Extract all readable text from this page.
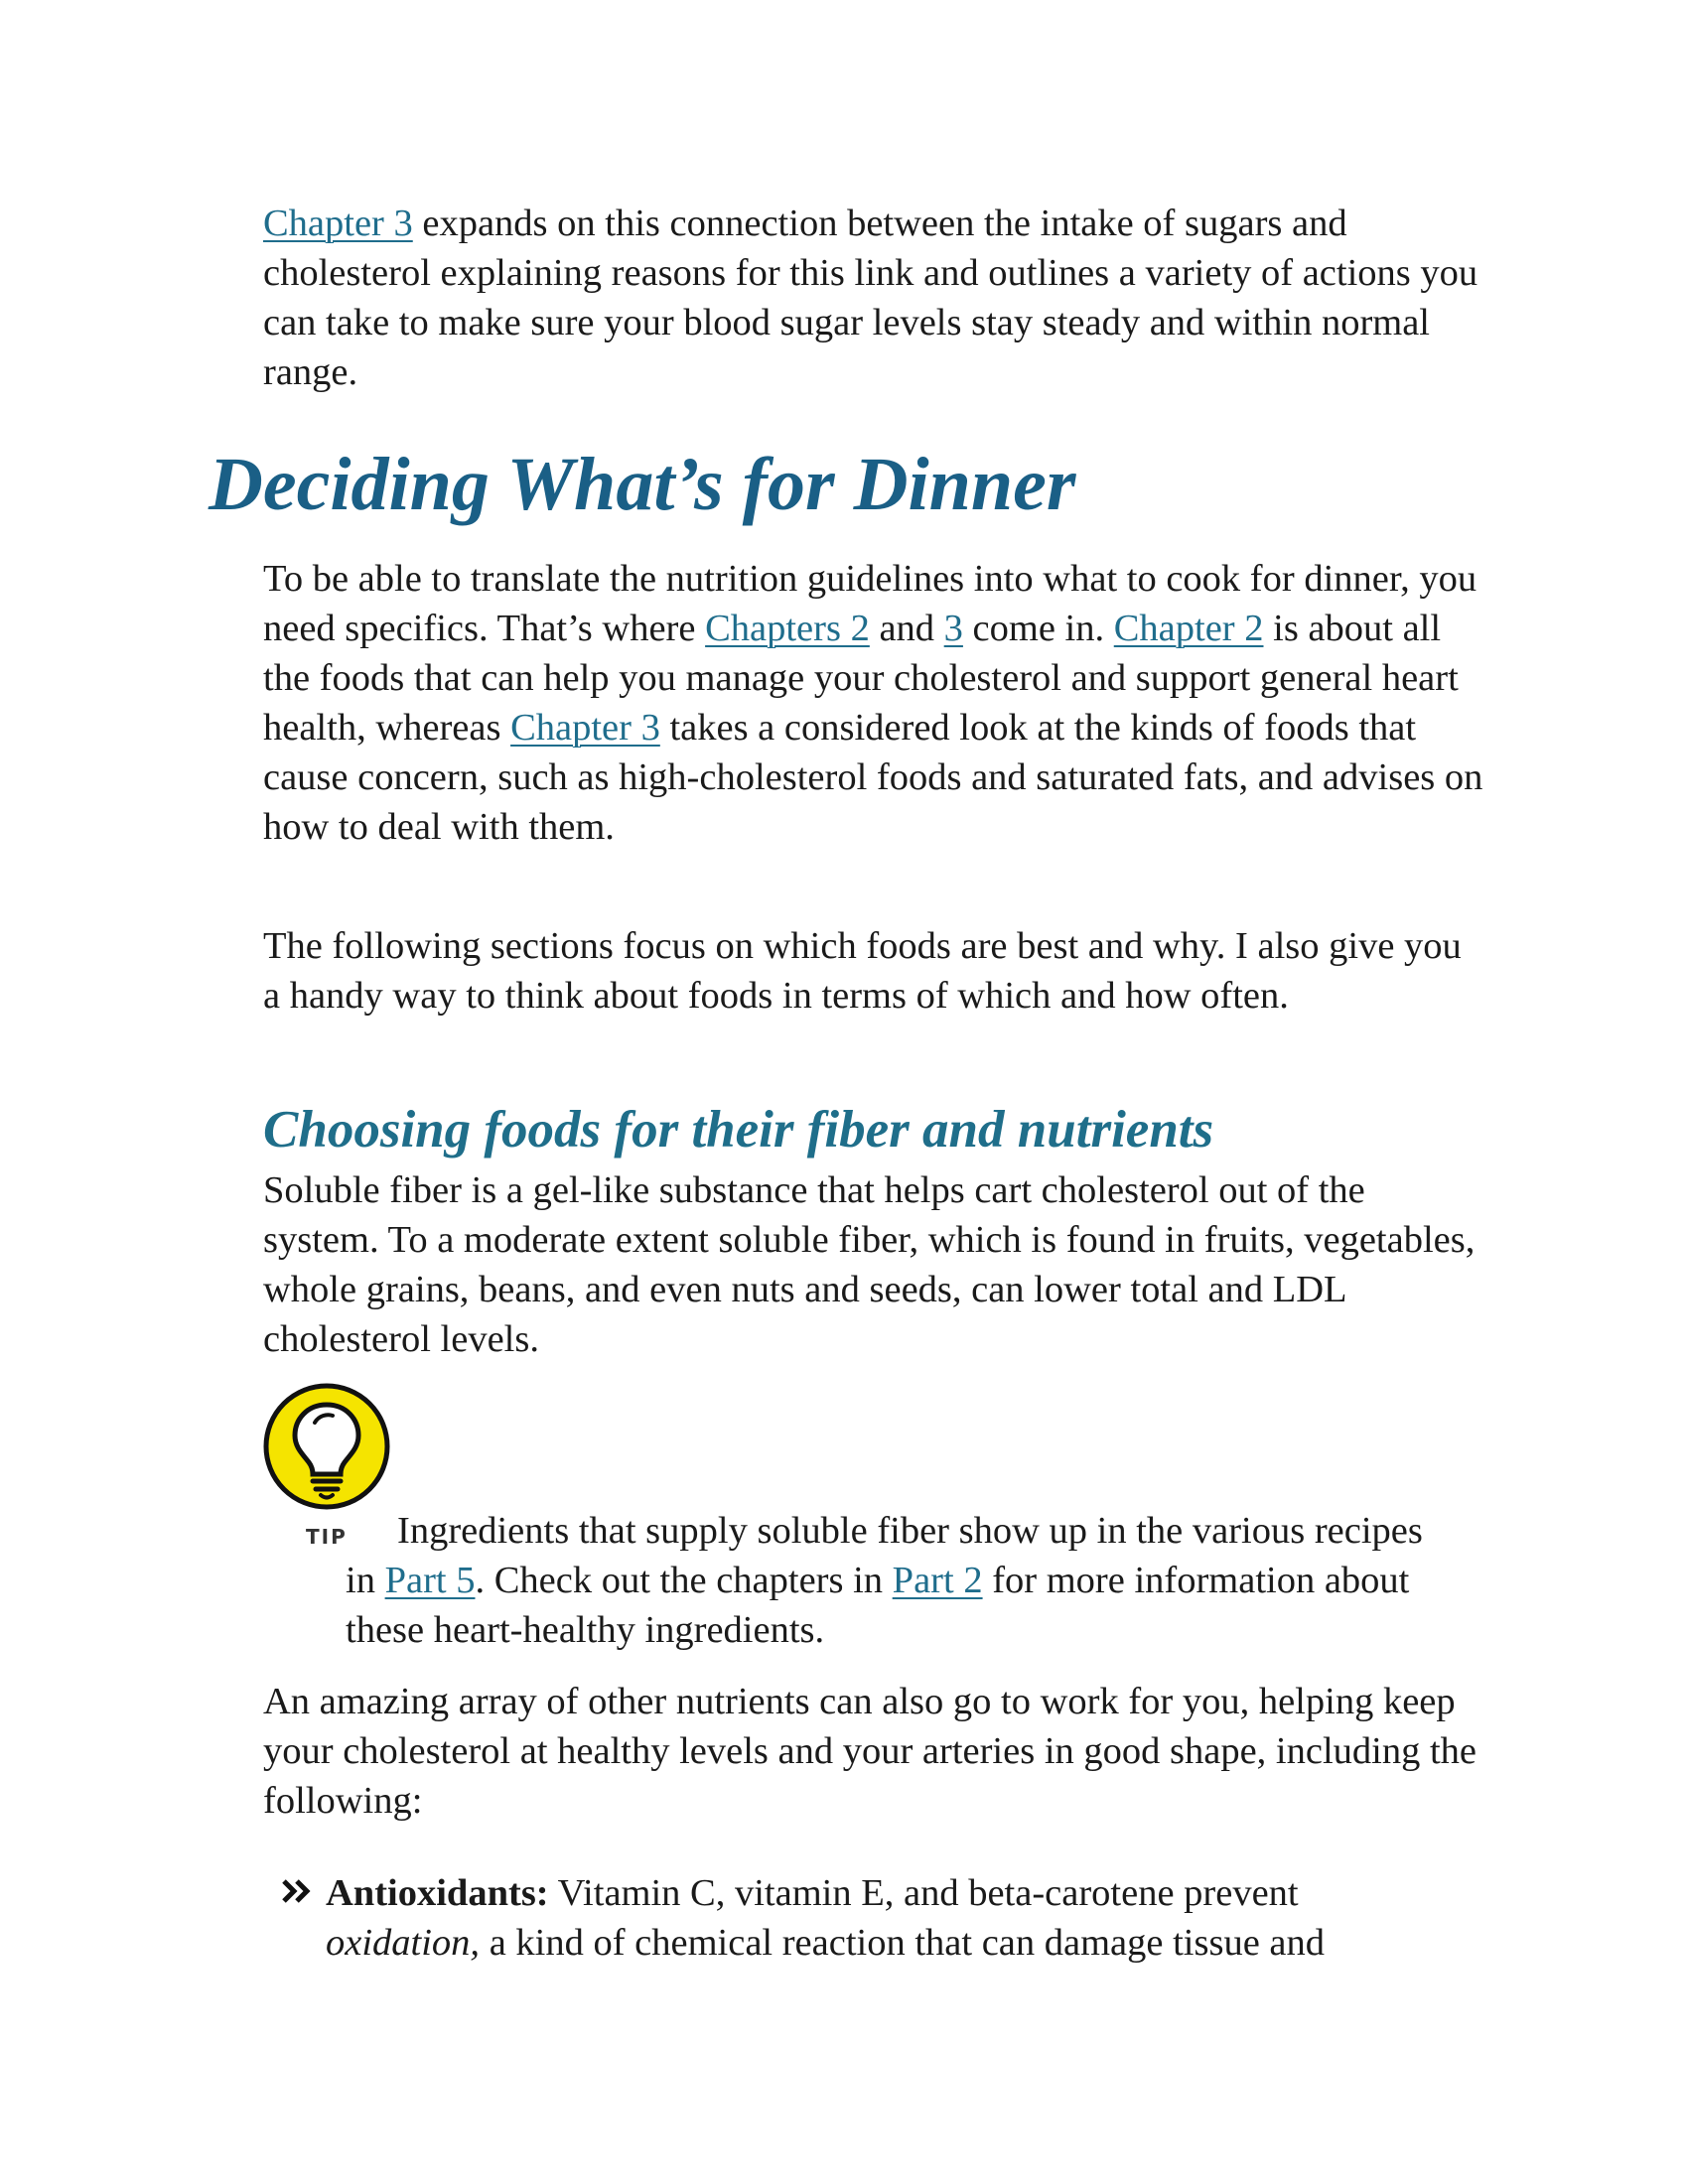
Chapter 3 expands on this connection between the intake of sugars and cholesterol explaining reasons for this link and outlines a variety of actions you can take to make sure your blood sugar levels stay steady and within normal range.

Deciding What’s for Dinner

To be able to translate the nutrition guidelines into what to cook for dinner, you need specifics. That’s where Chapters 2 and 3 come in. Chapter 2 is about all the foods that can help you manage your cholesterol and support general heart health, whereas Chapter 3 takes a considered look at the kinds of foods that cause concern, such as high-cholesterol foods and saturated fats, and advises on how to deal with them.

The following sections focus on which foods are best and why. I also give you a handy way to think about foods in terms of which and how often.

Choosing foods for their fiber and nutrients

Soluble fiber is a gel-like substance that helps cart cholesterol out of the system. To a moderate extent soluble fiber, which is found in fruits, vegetables, whole grains, beans, and even nuts and seeds, can lower total and LDL cholesterol levels.

TIP	Ingredients that supply soluble fiber show up in the various recipes in Part 5. Check out the chapters in Part 2 for more information about these heart-healthy ingredients.

An amazing array of other nutrients can also go to work for you, helping keep your cholesterol at healthy levels and your arteries in good shape, including the following:

Antioxidants: Vitamin C, vitamin E, and beta-carotene prevent oxidation, a kind of chemical reaction that can damage tissue and
